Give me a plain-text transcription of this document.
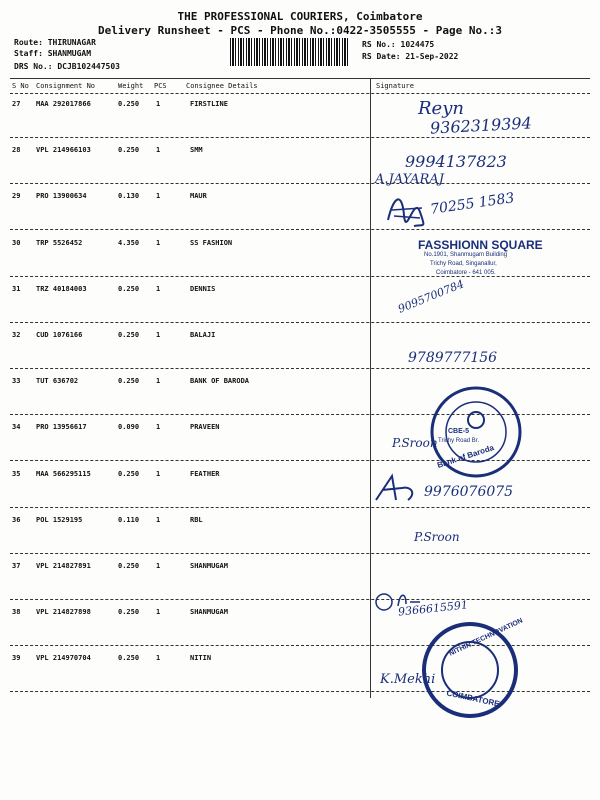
THE PROFESSIONAL COURIERS, Coimbatore
Delivery Runsheet - PCS - Phone No.:0422-3505555 - Page No.:3
Route: THIRUNAGAR
Staff: SHANMUGAM
DRS No.: DCJB102447503
RS No.: 1024475
RS Date: 21-Sep-2022
S No Consignment No	Weight PCS	Consignee Details	Signature
27 MAA 292017866	0.250 1	FIRSTLINE
28 VPL 214966103	0.250 1	SMM
29 PRO 13900634	0.130 1	MAUR
30 TRP 5526452	4.350 1	SS FASHION
31 TRZ 40184003	0.250 1	DENNIS
32 CUD 1076166	0.250 1	BALAJI
33 TUT 636702	0.250 1	BANK OF BARODA
34 PRO 13956617	0.090 1	PRAVEEN
35 MAA 566295115	0.250 1	FEATHER
36 POL 1529195	0.110 1	RBL
37 VPL 214827891	0.250 1	SHANMUGAM
38 VPL 214827898	0.250 1	SHANMUGAM
39 VPL 214970704	0.250 1	NITIN
Reyn
9362319394
9994137823
A.JAYARAJ
70255 1583
9095700784
9789777156
P.Sroon
9976076075
P.Sroon
9366615591
K.Mekhi
FASSHIONN SQUARE
No.1901, Shanmugam Building
Trichy Road, Singanallur,
Coimbatore - 641 005.
CBE-5
Trichy Road Br.
Bank of Baroda
NITHIN TECHNOVATION
COIMBATORE
